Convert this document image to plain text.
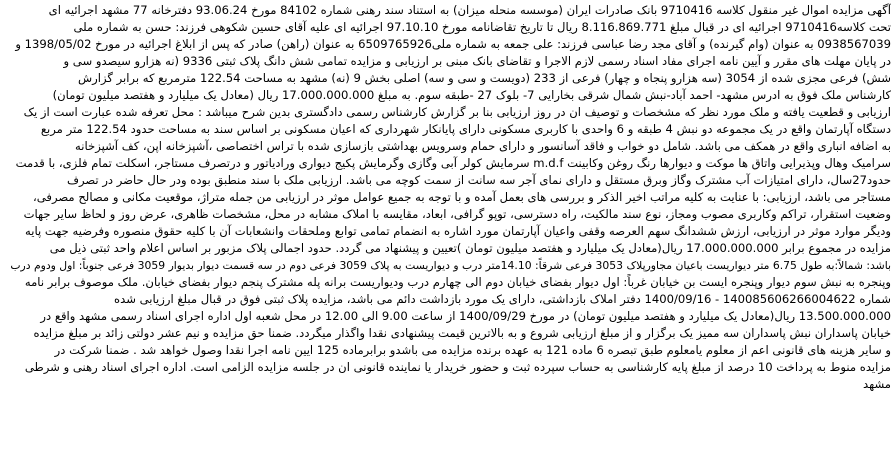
آگهی مزایده اموال غیر منقول کلاسه 9710416 بانک صادرات ایران (موسسه منحله میزان) به استناد سند رهنی شماره 84102 مورخ 93.06.24 دفترخانه 77 مشهد اجرائیه ای
تحت کلاسه9710416 اجرائیه ای در قبال مبلغ 8.116.869.771 ریال تا تاریخ تقاضانامه مورخ 97.10.10 اجرائیه ای علیه آقای حسین شکوهی فرزند: حسن به شماره ملی
0938567039 به عنوان (وام گیرنده) و آقای مجد رضا عباسی فرزند: علی جمعه به شماره ملی6509765926 به عنوان (راهن) صادر که پس از ابلاغ اجرائیه در مورخ 1398/05/02 و
در پایان مهلت های مقرر و آیین نامه اجرای مفاد اسناد رسمی لازم الاجرا و تقاضای بانک مبنی بر ارزیابی و مزایده تمامی شش دانگ پلاک ثبتی 9336 (نه هزارو سیصدو سی و
شش) فرعی مجزی شده از 3054 (سه هزارو پنجاه و چهار) فرعی از 233 (دویست و سی و سه) اصلی بخش 9 (نه) مشهد به مساحت 122.54 مترمربع که برابر گزارش
کارشناس ملک فوق به ادرس مشهد- احمد آباد-نبش شمال شرقی بخارایی 7- بلوک 27 -طبقه سوم. به مبلغ 17.000.000.000 ریال (معادل یک میلیارد و هفتصد میلیون تومان)
ارزیابی و قطعیت یافته و ملک مورد نظر که مشخصات و توصیف ان در روز ارزیابی بنا بر گزارش کارشناس رسمی دادگستری بدین شرح میباشد : محل تعرفه شده عبارت است از یک
دستگاه آپارتمان واقع در یک مجموعه دو نبش 4 طبقه و 6 واحدی با کاربری مسکونی دارای پایانکار شهرداری که اعیان مسکونی بر اساس سند به مساحت حدود 122.54 متر مربع
به اضافه انباری واقع در همکف می باشد. شامل دو خواب و فاقد آسانسور و دارای حمام وسرویس بهداشتی بازسازی شده با تراس اختصاصی ،آشپزخانه اپن، کف آشپزخانه
سرامیک وهال وپذیرایی واتاق ها موکت و دیوارها رنگ روغن وکابینت m.d.f سرمایش کولر آبی وگازی وگرمایش پکیج دیواری ورادیاتور و درتصرف مستاجر، اسکلت تمام فلزی، با قدمت
حدود27سال، دارای امتیازات آب مشترک وگاز وبرق مستقل و دارای نمای آجر سه سانت از سمت کوچه می باشد. ارزیابی ملک با سند منطبق بوده ودر حال حاضر در تصرف
مستاجر می باشد، ارزیابی: با عنایت به کلیه مراتب اخیر الذکر و بررسی های بعمل آمده و با توجه به جمیع عوامل موثر در ارزیابی من جمله متراژ، موقعیت مکانی و مصالح مصرفی،
وضعیت استقرار، تراکم وکاربری مصوب ومجاز، نوع سند مالکیت، راه دسترسی، توپو گرافی، ابعاد، مقایسه با املاک مشابه در محل، مشخصات ظاهری، عرض روز و لحاظ سایر جهات
ودیگر موارد موثر در ارزیابی، ارزش ششدانگ سهم العرصه وقفی واعیان آپارتمان مورد اشاره به انضمام تمامی توابع وملحقات وانشعابات آن با کلیه حقوق منصوره وفرضیه جهت پایه
مزایده در مجموع برابر 17.000.000.000 ریال(معادل یک میلیارد و هفتصد میلیون تومان )تعیین و پیشنهاد می گردد. حدود اجمالی پلاک مزبور بر اساس اعلام واحد ثبتی ذیل می
باشد: شمالاً:به طول 6.75 متر دیواریست باعیان مجاورپلاک 3053 فرعی شرقاً: 14.10متر درب و دیواریست به پلاک 3059 فرعی دوم در سه قسمت دیوار بدیوار 3059 فرعی جنوباً: اول ودوم درب
وپنجره به نبش سوم دیوار وپنجره ایست بن خیابان غرباً: اول دیوار بفضای خیابان دوم الی چهارم درب ودیواریست برانه پله مشترک پنجم دیوار بفضای خیابان. ملک موصوف برابر نامه
شماره 140085606266004622 - 1400/09/16 دفتر املاک بازداشتی، دارای یک مورد بازداشت دائم می باشد، مزایده پلاک ثبتی فوق در قبال مبلغ ارزیابی شده
13.500.000.000 ریال(معادل یک میلیارد و هفتصد میلیون تومان) در مورخ 1400/09/29 از ساعت 9.00 الی 12.00 در محل شعبه اول اداره اجرای اسناد رسمی مشهد واقع در
خیابان پاسداران نبش پاسداران سه ممیز یک برگزار و از مبلغ ارزیابی شروع و به بالاترین قیمت پیشنهادی نقدا واگذار میگردد. ضمنا حق مزایده و نیم عشر دولتی زائد بر مبلغ مزایده
و سایر هزینه های قانونی اعم از معلوم یامعلوم طبق تبصره 6 ماده 121 به عهده برنده مزایده می باشدو برابرماده 125 ایین نامه اجرا نقدا وصول خواهد شد . ضمنا شرکت در
مزایده منوط به پرداخت 10 درصد از مبلغ پایه کارشناسی به حساب سپرده ثبت و حضور خریدار یا نماینده قانونی ان در جلسه مزایده الزامی است. اداره اجرای اسناد رهنی و شرطی
مشهد
